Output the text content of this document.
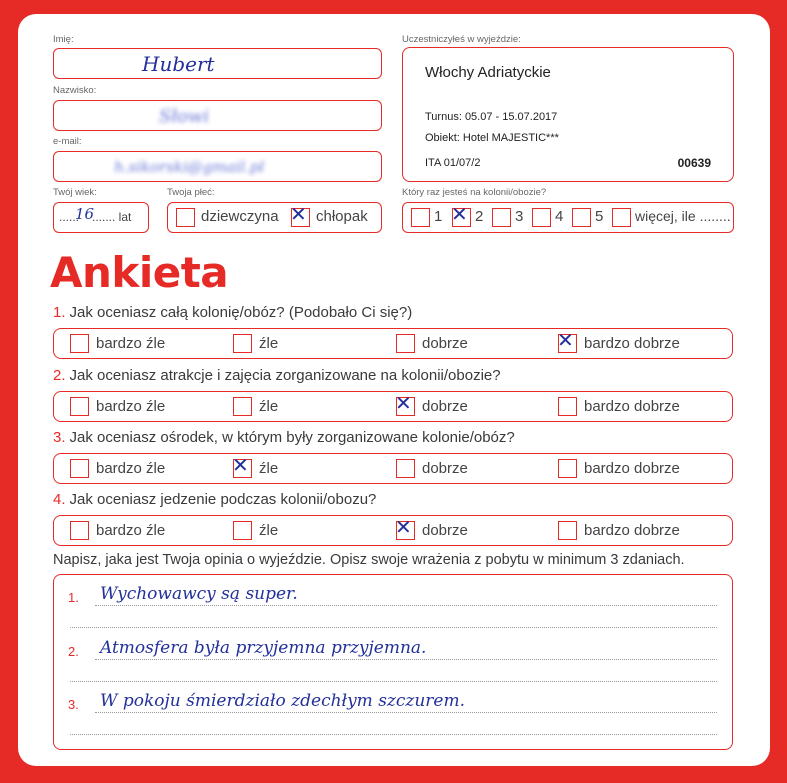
Imię:
Hubert
Nazwisko:
Słowi
e-mail:
h.sikorski@gmail.pl
Twój wiek:
......
16
....... lat
Twoja płeć:
dziewczyna ✕ chłopak
Uczestniczyłeś w wyjeździe:
Włochy Adriatyckie
Turnus: 05.07 - 15.07.2017
Obiekt: Hotel MAJESTIC***
ITA 01/07/2	00639
Który raz jesteś na kolonii/obozie?
1 ✕ 2 3 4 5 więcej, ile ........
Ankieta
1. Jak oceniasz całą kolonię/obóz? (Podobało Ci się?)
bardzo źle	źle	dobrze	✕ bardzo dobrze
2. Jak oceniasz atrakcje i zajęcia zorganizowane na kolonii/obozie?
bardzo źle	źle	✕ dobrze	bardzo dobrze
3. Jak oceniasz ośrodek, w którym były zorganizowane kolonie/obóz?
bardzo źle	✕ źle	dobrze	bardzo dobrze
4. Jak oceniasz jedzenie podczas kolonii/obozu?
bardzo źle	źle	✕ dobrze	bardzo dobrze
Napisz, jaka jest Twoja opinia o wyjeździe. Opisz swoje wrażenia z pobytu w minimum 3 zdaniach.
1. Wychowawcy są super.
2. Atmosfera była przyjemna przyjemna.
3. W pokoju śmierdziało zdechłym szczurem.
